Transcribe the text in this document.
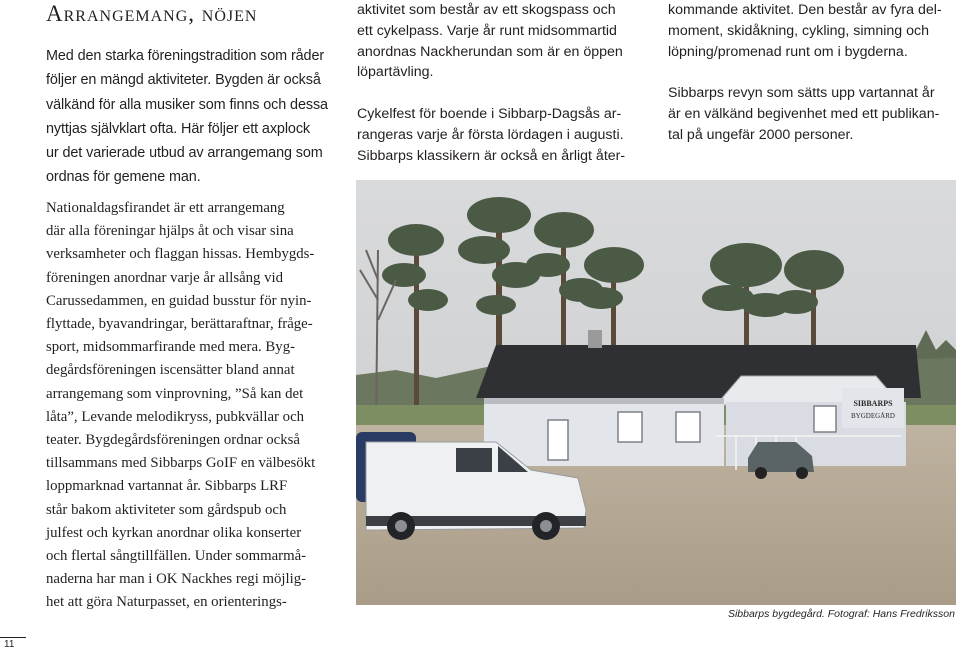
Arrangemang, nöjen

Med den starka föreningstradition som råder
följer en mängd aktiviteter. Bygden är också
välkänd för alla musiker som finns och dessa
nyttjas självklart ofta. Här följer ett axplock
ur det varierade utbud av arrangemang som
ordnas för gemene man.

Nationaldagsfirandet är ett arrangemang
där alla föreningar hjälps åt och visar sina
verksamheter och flaggan hissas. Hembygds-
föreningen anordnar varje år allsång vid
Carussedammen, en guidad busstur för nyin-
flyttade, byavandringar, berättaraftnar, fråge-
sport, midsommarfirande med mera. Byg-
degårdsföreningen iscensätter bland annat
arrangemang som vinprovning, ”Så kan det
låta”, Levande melodikryss, pubkvällar och
teater. Bygdegårdsföreningen ordnar också
tillsammans med Sibbarps GoIF en välbesökt
loppmarknad vartannat år. Sibbarps LRF
står bakom aktiviteter som gårdspub och
julfest och kyrkan anordnar olika konserter
och flertal sångtillfällen. Under sommarmå-
naderna har man i OK Nackhes regi möjlig-
het att göra Naturpasset, en orienterings-

aktivitet som består av ett skogspass och
ett cykelpass. Varje år runt midsommartid
anordnas Nackherundan som är en öppen
löpartävling.

Cykelfest för boende i Sibbarp-Dagsås ar-
rangeras varje år första lördagen i augusti.
Sibbarps klassikern är också en årligt åter-

kommande aktivitet. Den består av fyra del-
moment, skidåkning, cykling, simning och
löpning/promenad runt om i bygderna.

Sibbarps revyn som sätts upp vartannat år
är en välkänd begivenhet med ett publikan-
tal på ungefär 2000 personer.

SIBBARPS
BYGDEGÅRD

Sibbarps bygdegård. Fotograf: Hans Fredriksson

11
